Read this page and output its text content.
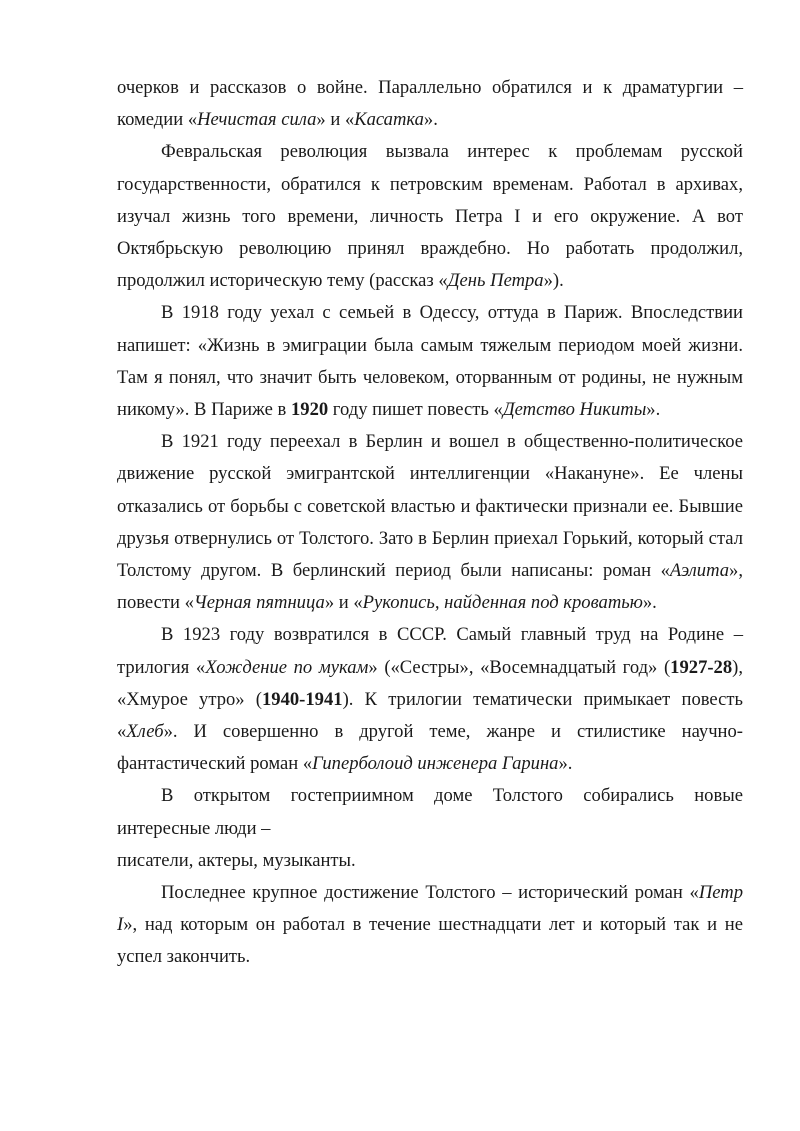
очерков и рассказов о войне. Параллельно обратился и к драматургии – комедии «Нечистая сила» и «Касатка».

Февральская революция вызвала интерес к проблемам русской государственности, обратился к петровским временам. Работал в архивах, изучал жизнь того времени, личность Петра I и его окружение. А вот Октябрьскую революцию принял враждебно. Но работать продолжил, продолжил историческую тему (рассказ «День Петра»).

В 1918 году уехал с семьей в Одессу, оттуда в Париж. Впоследствии напишет: «Жизнь в эмиграции была самым тяжелым периодом моей жизни. Там я понял, что значит быть человеком, оторванным от родины, не нужным никому». В Париже в 1920 году пишет повесть «Детство Никиты».

В 1921 году переехал в Берлин и вошел в общественно-политическое движение русской эмигрантской интеллигенции «Накануне». Ее члены отказались от борьбы с советской властью и фактически признали ее. Бывшие друзья отвернулись от Толстого. Зато в Берлин приехал Горький, который стал Толстому другом. В берлинский период были написаны: роман «Аэлита», повести «Черная пятница» и «Рукопись, найденная под кроватью».

В 1923 году возвратился в СССР. Самый главный труд на Родине – трилогия «Хождение по мукам» («Сестры», «Восемнадцатый год» (1927-28), «Хмурое утро» (1940-1941). К трилогии тематически примыкает повесть «Хлеб». И совершенно в другой теме, жанре и стилистике научно-фантастический роман «Гиперболоид инженера Гарина».

В открытом гостеприимном доме Толстого собирались новые

интересные люди –

писатели, актеры, музыканты.

Последнее крупное достижение Толстого – исторический роман «Петр I», над которым он работал в течение шестнадцати лет и который так и не успел закончить.
